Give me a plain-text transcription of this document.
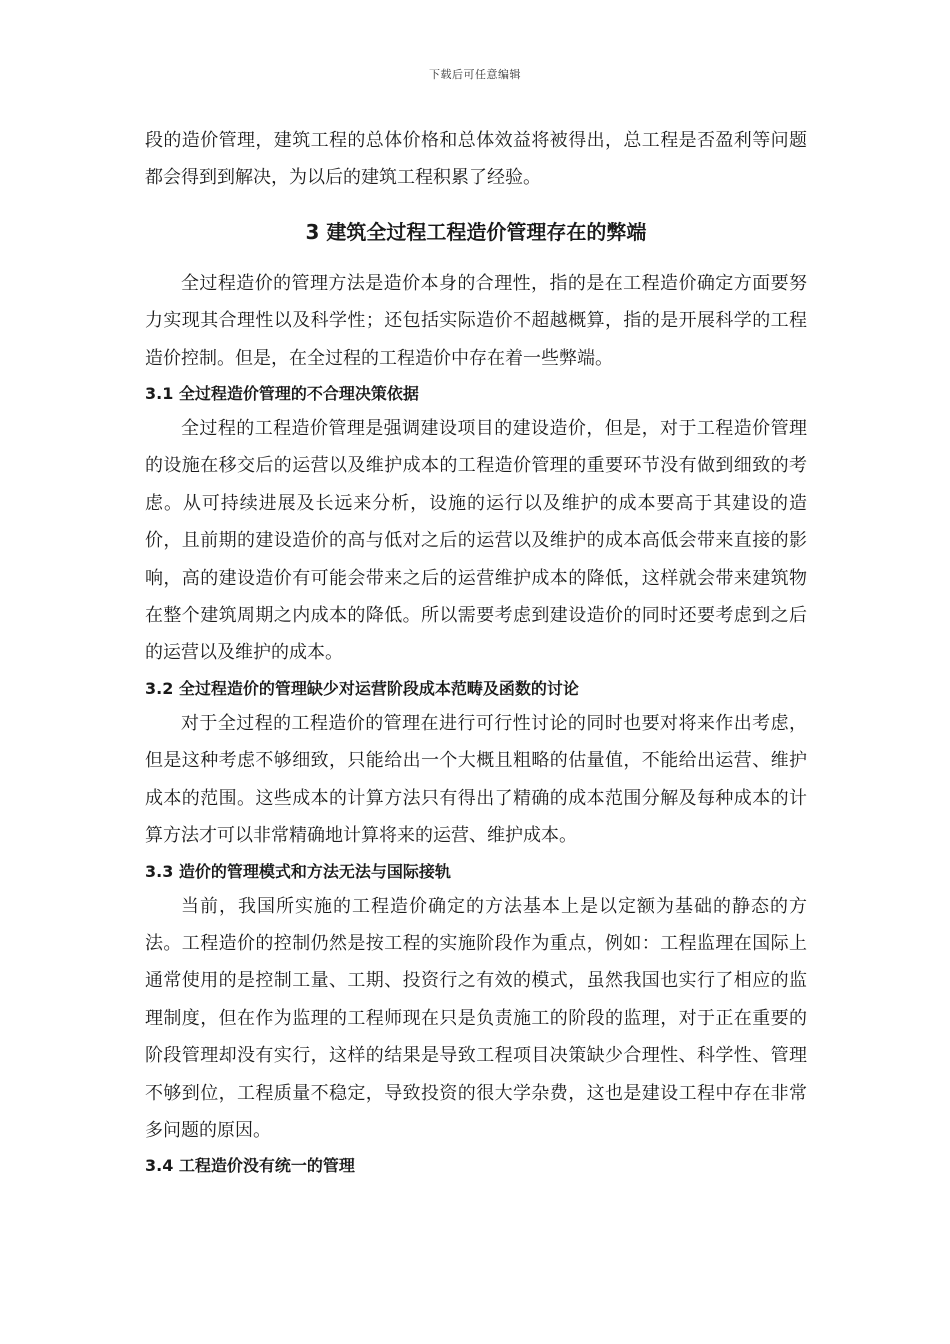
下载后可任意编辑

段的造价管理，建筑工程的总体价格和总体效益将被得出，总工程是否盈利等问题都会得到到解决，为以后的建筑工程积累了经验。

3 建筑全过程工程造价管理存在的弊端

全过程造价的管理方法是造价本身的合理性，指的是在工程造价确定方面要努力实现其合理性以及科学性；还包括实际造价不超越概算，指的是开展科学的工程造价控制。但是，在全过程的工程造价中存在着一些弊端。

3.1 全过程造价管理的不合理决策依据

全过程的工程造价管理是强调建设项目的建设造价，但是，对于工程造价管理的设施在移交后的运营以及维护成本的工程造价管理的重要环节没有做到细致的考虑。从可持续进展及长远来分析，设施的运行以及维护的成本要高于其建设的造价，且前期的建设造价的高与低对之后的运营以及维护的成本高低会带来直接的影响，高的建设造价有可能会带来之后的运营维护成本的降低，这样就会带来建筑物在整个建筑周期之内成本的降低。所以需要考虑到建设造价的同时还要考虑到之后的运营以及维护的成本。

3.2 全过程造价的管理缺少对运营阶段成本范畴及函数的讨论

对于全过程的工程造价的管理在进行可行性讨论的同时也要对将来作出考虑，但是这种考虑不够细致，只能给出一个大概且粗略的估量值，不能给出运营、维护成本的范围。这些成本的计算方法只有得出了精确的成本范围分解及每种成本的计算方法才可以非常精确地计算将来的运营、维护成本。

3.3 造价的管理模式和方法无法与国际接轨

当前，我国所实施的工程造价确定的方法基本上是以定额为基础的静态的方法。工程造价的控制仍然是按工程的实施阶段作为重点，例如：工程监理在国际上通常使用的是控制工量、工期、投资行之有效的模式，虽然我国也实行了相应的监理制度，但在作为监理的工程师现在只是负责施工的阶段的监理，对于正在重要的阶段管理却没有实行，这样的结果是导致工程项目决策缺少合理性、科学性、管理不够到位，工程质量不稳定，导致投资的很大学杂费，这也是建设工程中存在非常多问题的原因。

3.4 工程造价没有统一的管理
